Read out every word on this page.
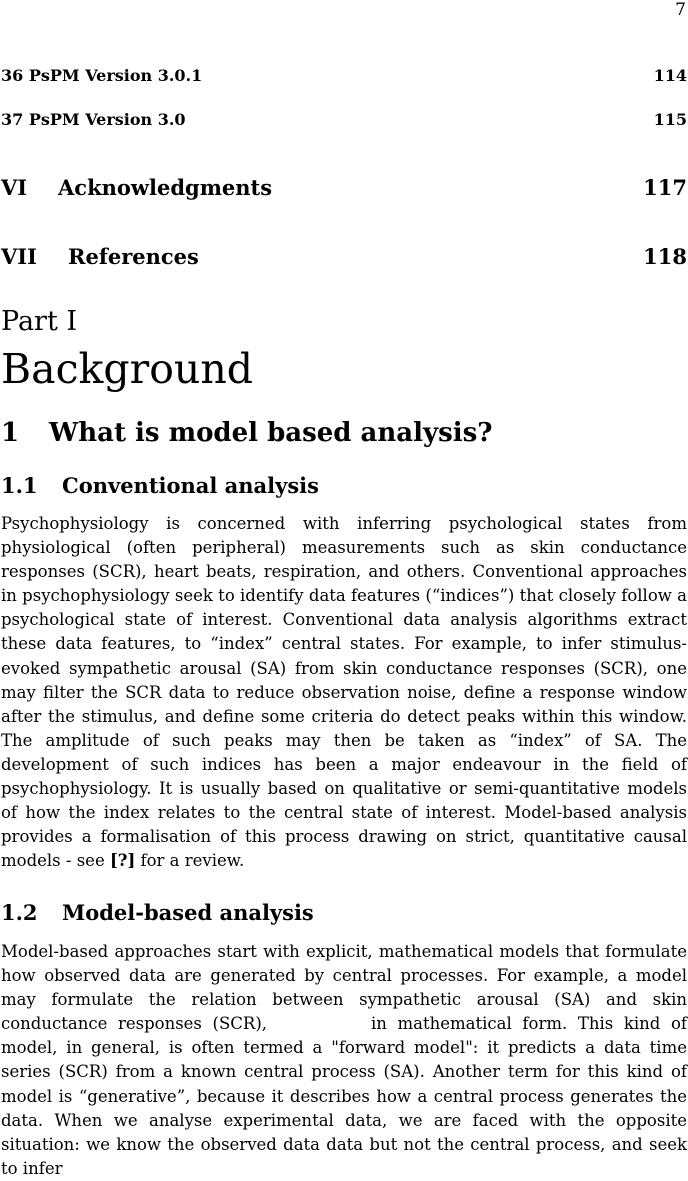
7
36 PsPM Version 3.0.1	114
37 PsPM Version 3.0	115
VI Acknowledgments	117
VII References	118
Part I
Background
1 What is model based analysis?
1.1 Conventional analysis
Psychophysiology is concerned with inferring psychological states from physiological (often peripheral) measurements such as skin conductance responses (SCR), heart beats, respiration, and others. Conventional approaches in psychophysiology seek to identify data features (“indices”) that closely follow a psychological state of interest. Conventional data analysis algorithms extract these data features, to “index” central states. For example, to infer stimulus-evoked sympathetic arousal (SA) from skin conductance responses (SCR), one may filter the SCR data to reduce observation noise, define a response window after the stimulus, and define some criteria do detect peaks within this window. The amplitude of such peaks may then be taken as “index” of SA. The development of such indices has been a major endeavour in the field of psychophysiology. It is usually based on qualitative or semi-quantitative models of how the index relates to the central state of interest. Model-based analysis provides a formalisation of this process drawing on strict, quantitative causal models - see [?] for a review.
1.2 Model-based analysis
Model-based approaches start with explicit, mathematical models that formulate how observed data are generated by central processes. For example, a model may formulate the relation between sympathetic arousal (SA) and skin conductance responses (SCR),	in mathematical form. This kind of model, in general, is often termed a "forward model": it predicts a data time series (SCR) from a known central process (SA). Another term for this kind of model is “generative”, because it describes how a central process generates the data. When we analyse experimental data, we are faced with the opposite situation: we know the observed data data but not the central process, and seek to infer
